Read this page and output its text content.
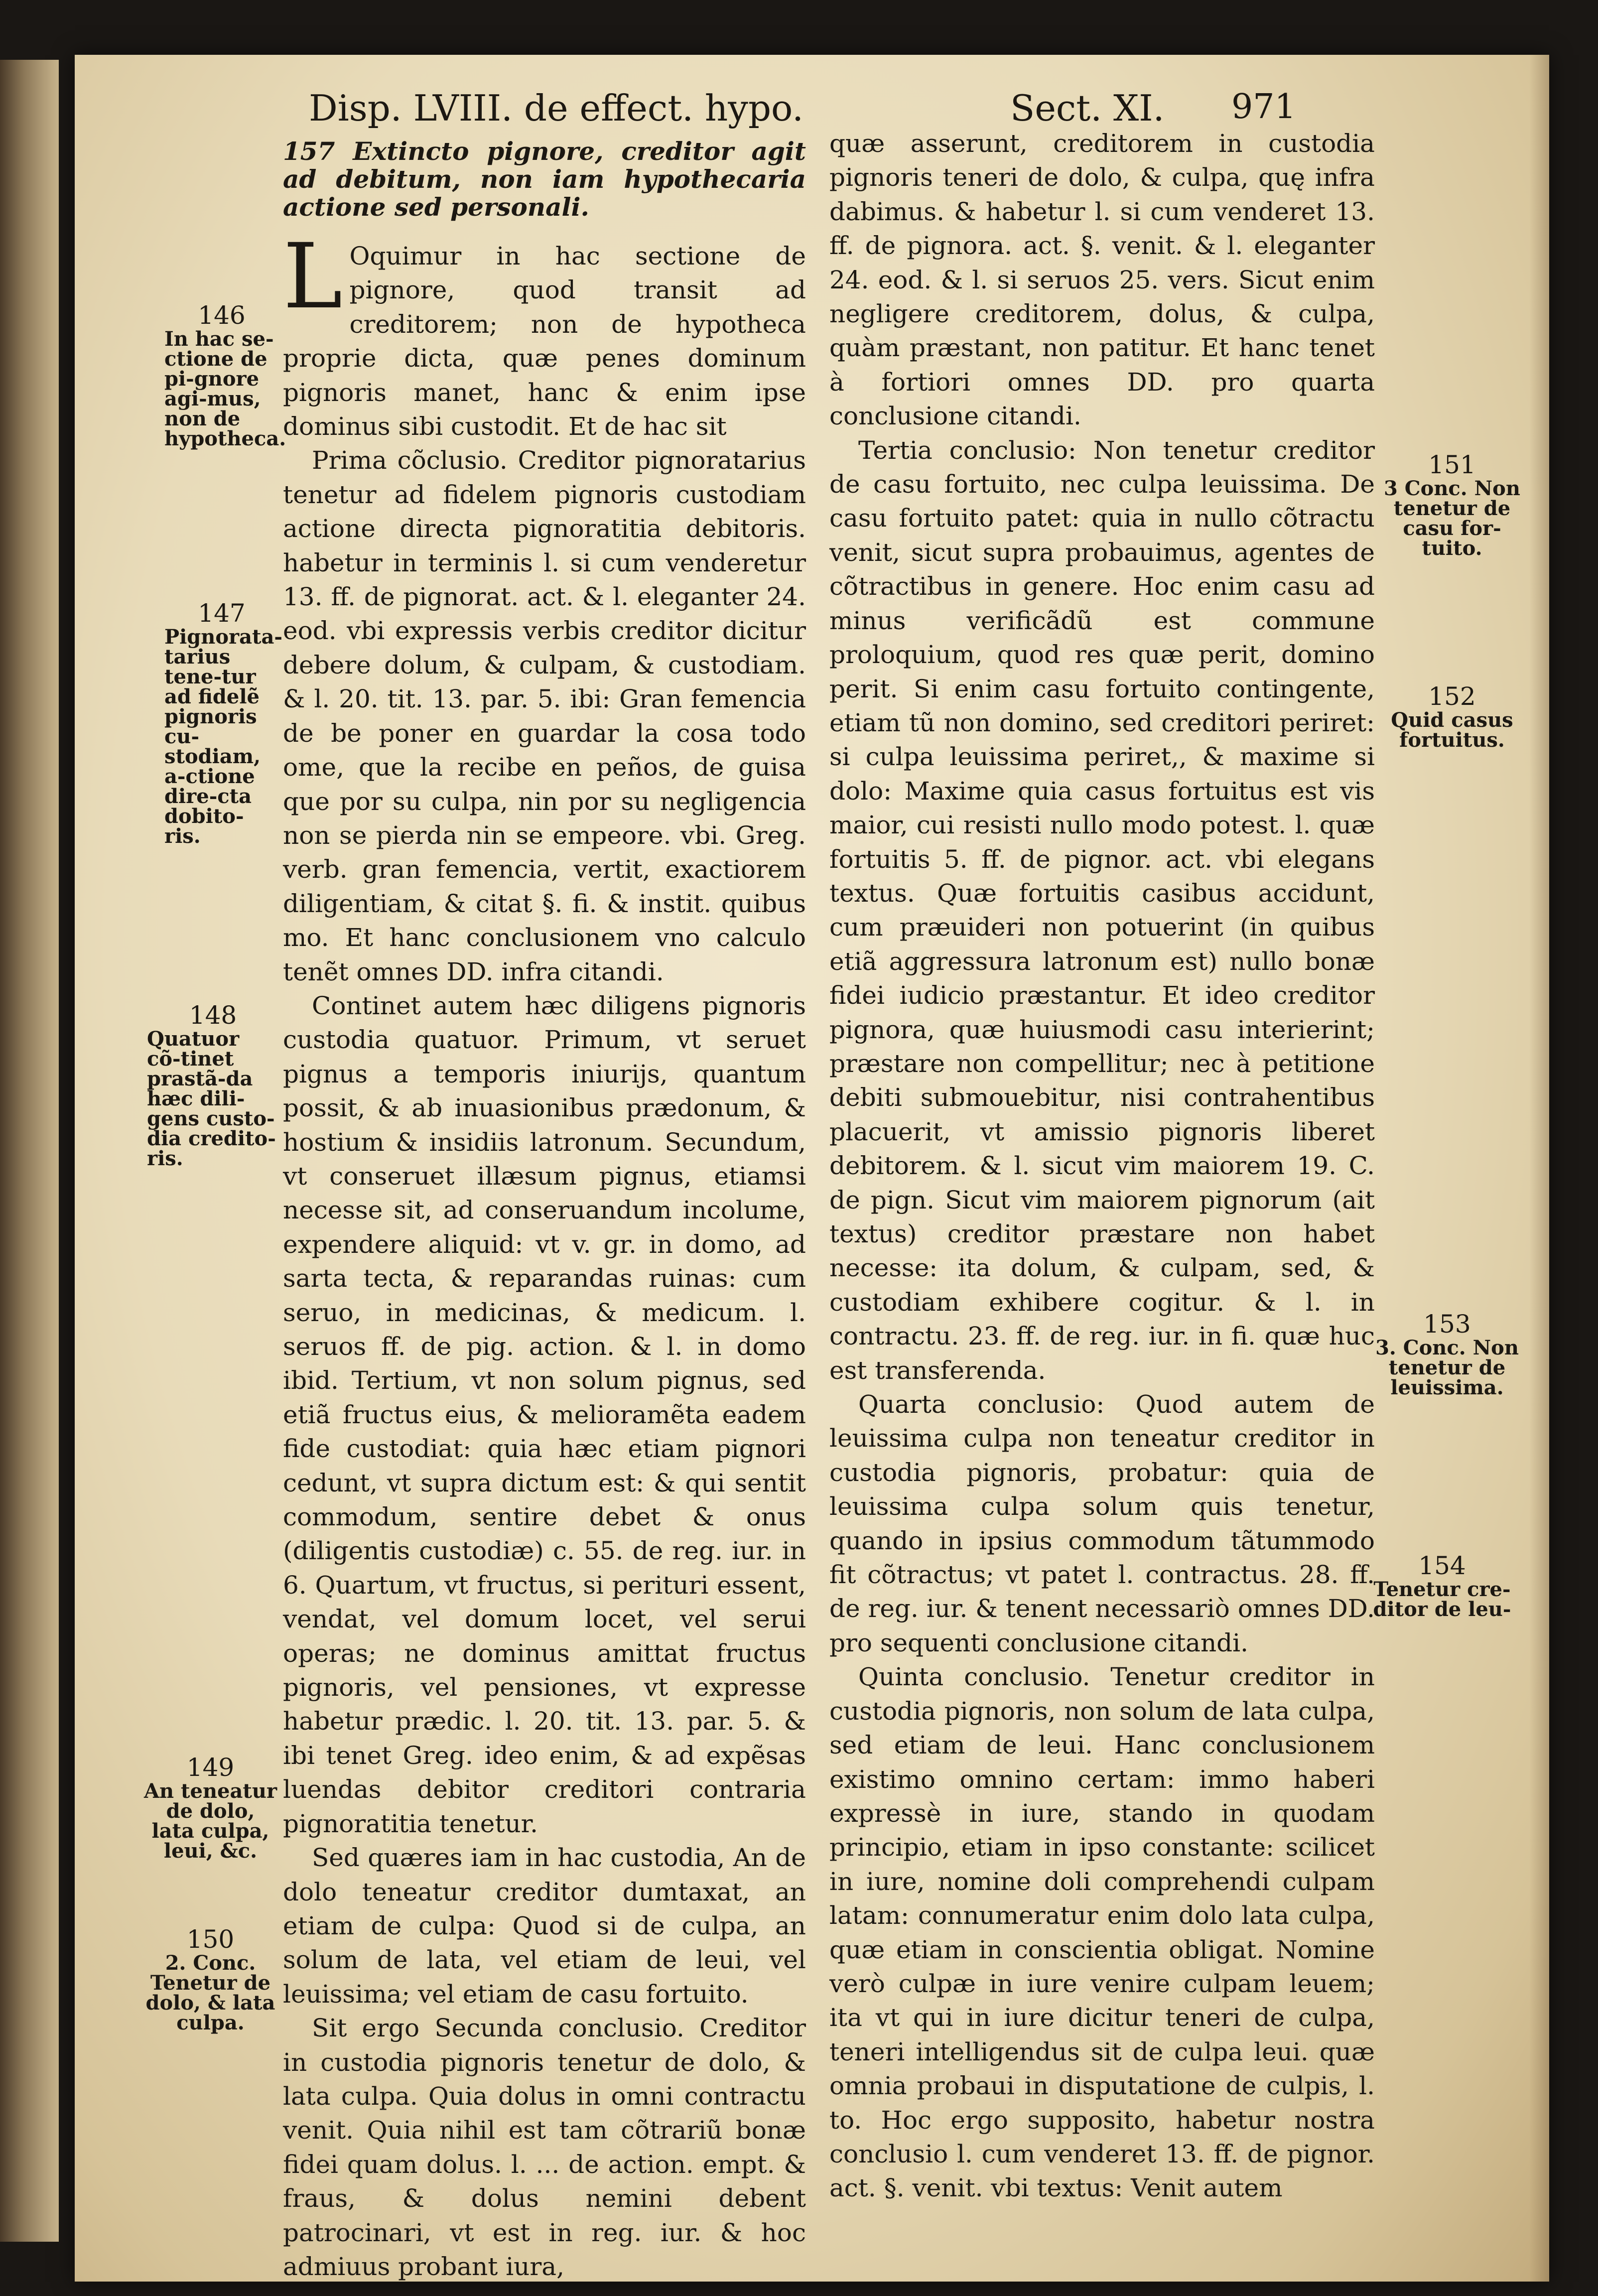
Disp. LVIII. de effect. hypo.	Sect. XI. 971
146
In hac se-ctione de pi-gnore agi-mus, non de hypotheca.
147
Pignorata-tarius tene-tur ad fidelẽ pignoris cu-stodiam, a-ctione dire-cta dobito-ris.
148
Quatuor cõ-tinet prastã-da hæc dili-gens custo-dia credito-ris.
149
An teneatur de dolo, lata culpa, leui, &c.
150
2. Conc. Tenetur de dolo, & lata culpa.
151
3 Conc. Non tenetur de casu for-tuito.
152
Quid casus fortuitus.
153
3. Conc. Non tenetur de leuissima.
154
Tenetur cre-ditor de leu-

157 Extincto pignore, creditor agit ad debitum, non iam hypothecaria actione sed personali.

L Oquimur in hac sectione de pignore, quod transit ad creditorem; non de hypotheca proprie dicta, quæ penes dominum pignoris manet, hanc & enim ipse dominus sibi custodit. Et de hac sit

Prima cõclusio. Creditor pignoratarius tenetur ad fidelem pignoris custodiam actione directa pignoratitia debitoris. habetur in terminis l. si cum venderetur 13. ff. de pignorat. act. & l. eleganter 24. eod. vbi expressis verbis creditor dicitur debere dolum, & culpam, & custodiam. & l. 20. tit. 13. par. 5. ibi: Gran femencia de be poner en guardar la cosa todo ome, que la recibe en peños, de guisa que por su culpa, nin por su negligencia non se pierda nin se empeore. vbi. Greg. verb. gran femencia, vertit, exactiorem diligentiam, & citat §. fi. & instit. quibus mo. Et hanc conclusionem vno calculo tenẽt omnes DD. infra citandi.

Continet autem hæc diligens pignoris custodia quatuor. Primum, vt seruet pignus a temporis iniurijs, quantum possit, & ab inuasionibus prædonum, & hostium & insidiis latronum. Secundum, vt conseruet illæsum pignus, etiamsi necesse sit, ad conseruandum incolume, expendere aliquid: vt v. gr. in domo, ad sarta tecta, & reparandas ruinas: cum seruo, in medicinas, & medicum. l. seruos ff. de pig. action. & l. in domo ibid. Tertium, vt non solum pignus, sed etiã fructus eius, & melioramẽta eadem fide custodiat: quia hæc etiam pignori cedunt, vt supra dictum est: & qui sentit commodum, sentire debet & onus (diligentis custodiæ) c. 55. de reg. iur. in 6. Quartum, vt fructus, si perituri essent, vendat, vel domum locet, vel serui operas; ne dominus amittat fructus pignoris, vel pensiones, vt expresse habetur prædic. l. 20. tit. 13. par. 5. & ibi tenet Greg. ideo enim, & ad expẽsas luendas debitor creditori contraria pignoratitia tenetur.

Sed quæres iam in hac custodia, An de dolo teneatur creditor dumtaxat, an etiam de culpa: Quod si de culpa, an solum de lata, vel etiam de leui, vel leuissima; vel etiam de casu fortuito.

Sit ergo Secunda conclusio. Creditor in custodia pignoris tenetur de dolo, & lata culpa. Quia dolus in omni contractu venit. Quia nihil est tam cõtrariũ bonæ fidei quam dolus. l. ... de action. empt. & fraus, & dolus nemini debent patrocinari, vt est in reg. iur. & hoc admiuus probant iura,

quæ asserunt, creditorem in custodia pignoris teneri de dolo, & culpa, quę infra dabimus. & habetur l. si cum venderet 13. ff. de pignora. act. §. venit. & l. eleganter 24. eod. & l. si seruos 25. vers. Sicut enim negligere creditorem, dolus, & culpa, quàm præstant, non patitur. Et hanc tenet à fortiori omnes DD. pro quarta conclusione citandi.

Tertia conclusio: Non tenetur creditor de casu fortuito, nec culpa leuissima. De casu fortuito patet: quia in nullo cõtractu venit, sicut supra probauimus, agentes de cõtractibus in genere. Hoc enim casu ad minus verificãdũ est commune proloquium, quod res quæ perit, domino perit. Si enim casu fortuito contingente, etiam tũ non domino, sed creditori periret: si culpa leuissima periret,, & maxime si dolo: Maxime quia casus fortuitus est vis maior, cui resisti nullo modo potest. l. quæ fortuitis 5. ff. de pignor. act. vbi elegans textus. Quæ fortuitis casibus accidunt, cum præuideri non potuerint (in quibus etiã aggressura latronum est) nullo bonæ fidei iudicio præstantur. Et ideo creditor pignora, quæ huiusmodi casu interierint; præstare non compellitur; nec à petitione debiti submouebitur, nisi contrahentibus placuerit, vt amissio pignoris liberet debitorem. & l. sicut vim maiorem 19. C. de pign. Sicut vim maiorem pignorum (ait textus) creditor præstare non habet necesse: ita dolum, & culpam, sed, & custodiam exhibere cogitur. & l. in contractu. 23. ff. de reg. iur. in fi. quæ huc est transferenda.

Quarta conclusio: Quod autem de leuissima culpa non teneatur creditor in custodia pignoris, probatur: quia de leuissima culpa solum quis tenetur, quando in ipsius commodum tãtummodo fit cõtractus; vt patet l. contractus. 28. ff. de reg. iur. & tenent necessariò omnes DD. pro sequenti conclusione citandi.

Quinta conclusio. Tenetur creditor in custodia pignoris, non solum de lata culpa, sed etiam de leui. Hanc conclusionem existimo omnino certam: immo haberi expressè in iure, stando in quodam principio, etiam in ipso constante: scilicet in iure, nomine doli comprehendi culpam latam: connumeratur enim dolo lata culpa, quæ etiam in conscientia obligat. Nomine verò culpæ in iure venire culpam leuem; ita vt qui in iure dicitur teneri de culpa, teneri intelligendus sit de culpa leui. quæ omnia probaui in disputatione de culpis, l. to. Hoc ergo supposito, habetur nostra conclusio l. cum venderet 13. ff. de pignor. act. §. venit. vbi textus: Venit autem
